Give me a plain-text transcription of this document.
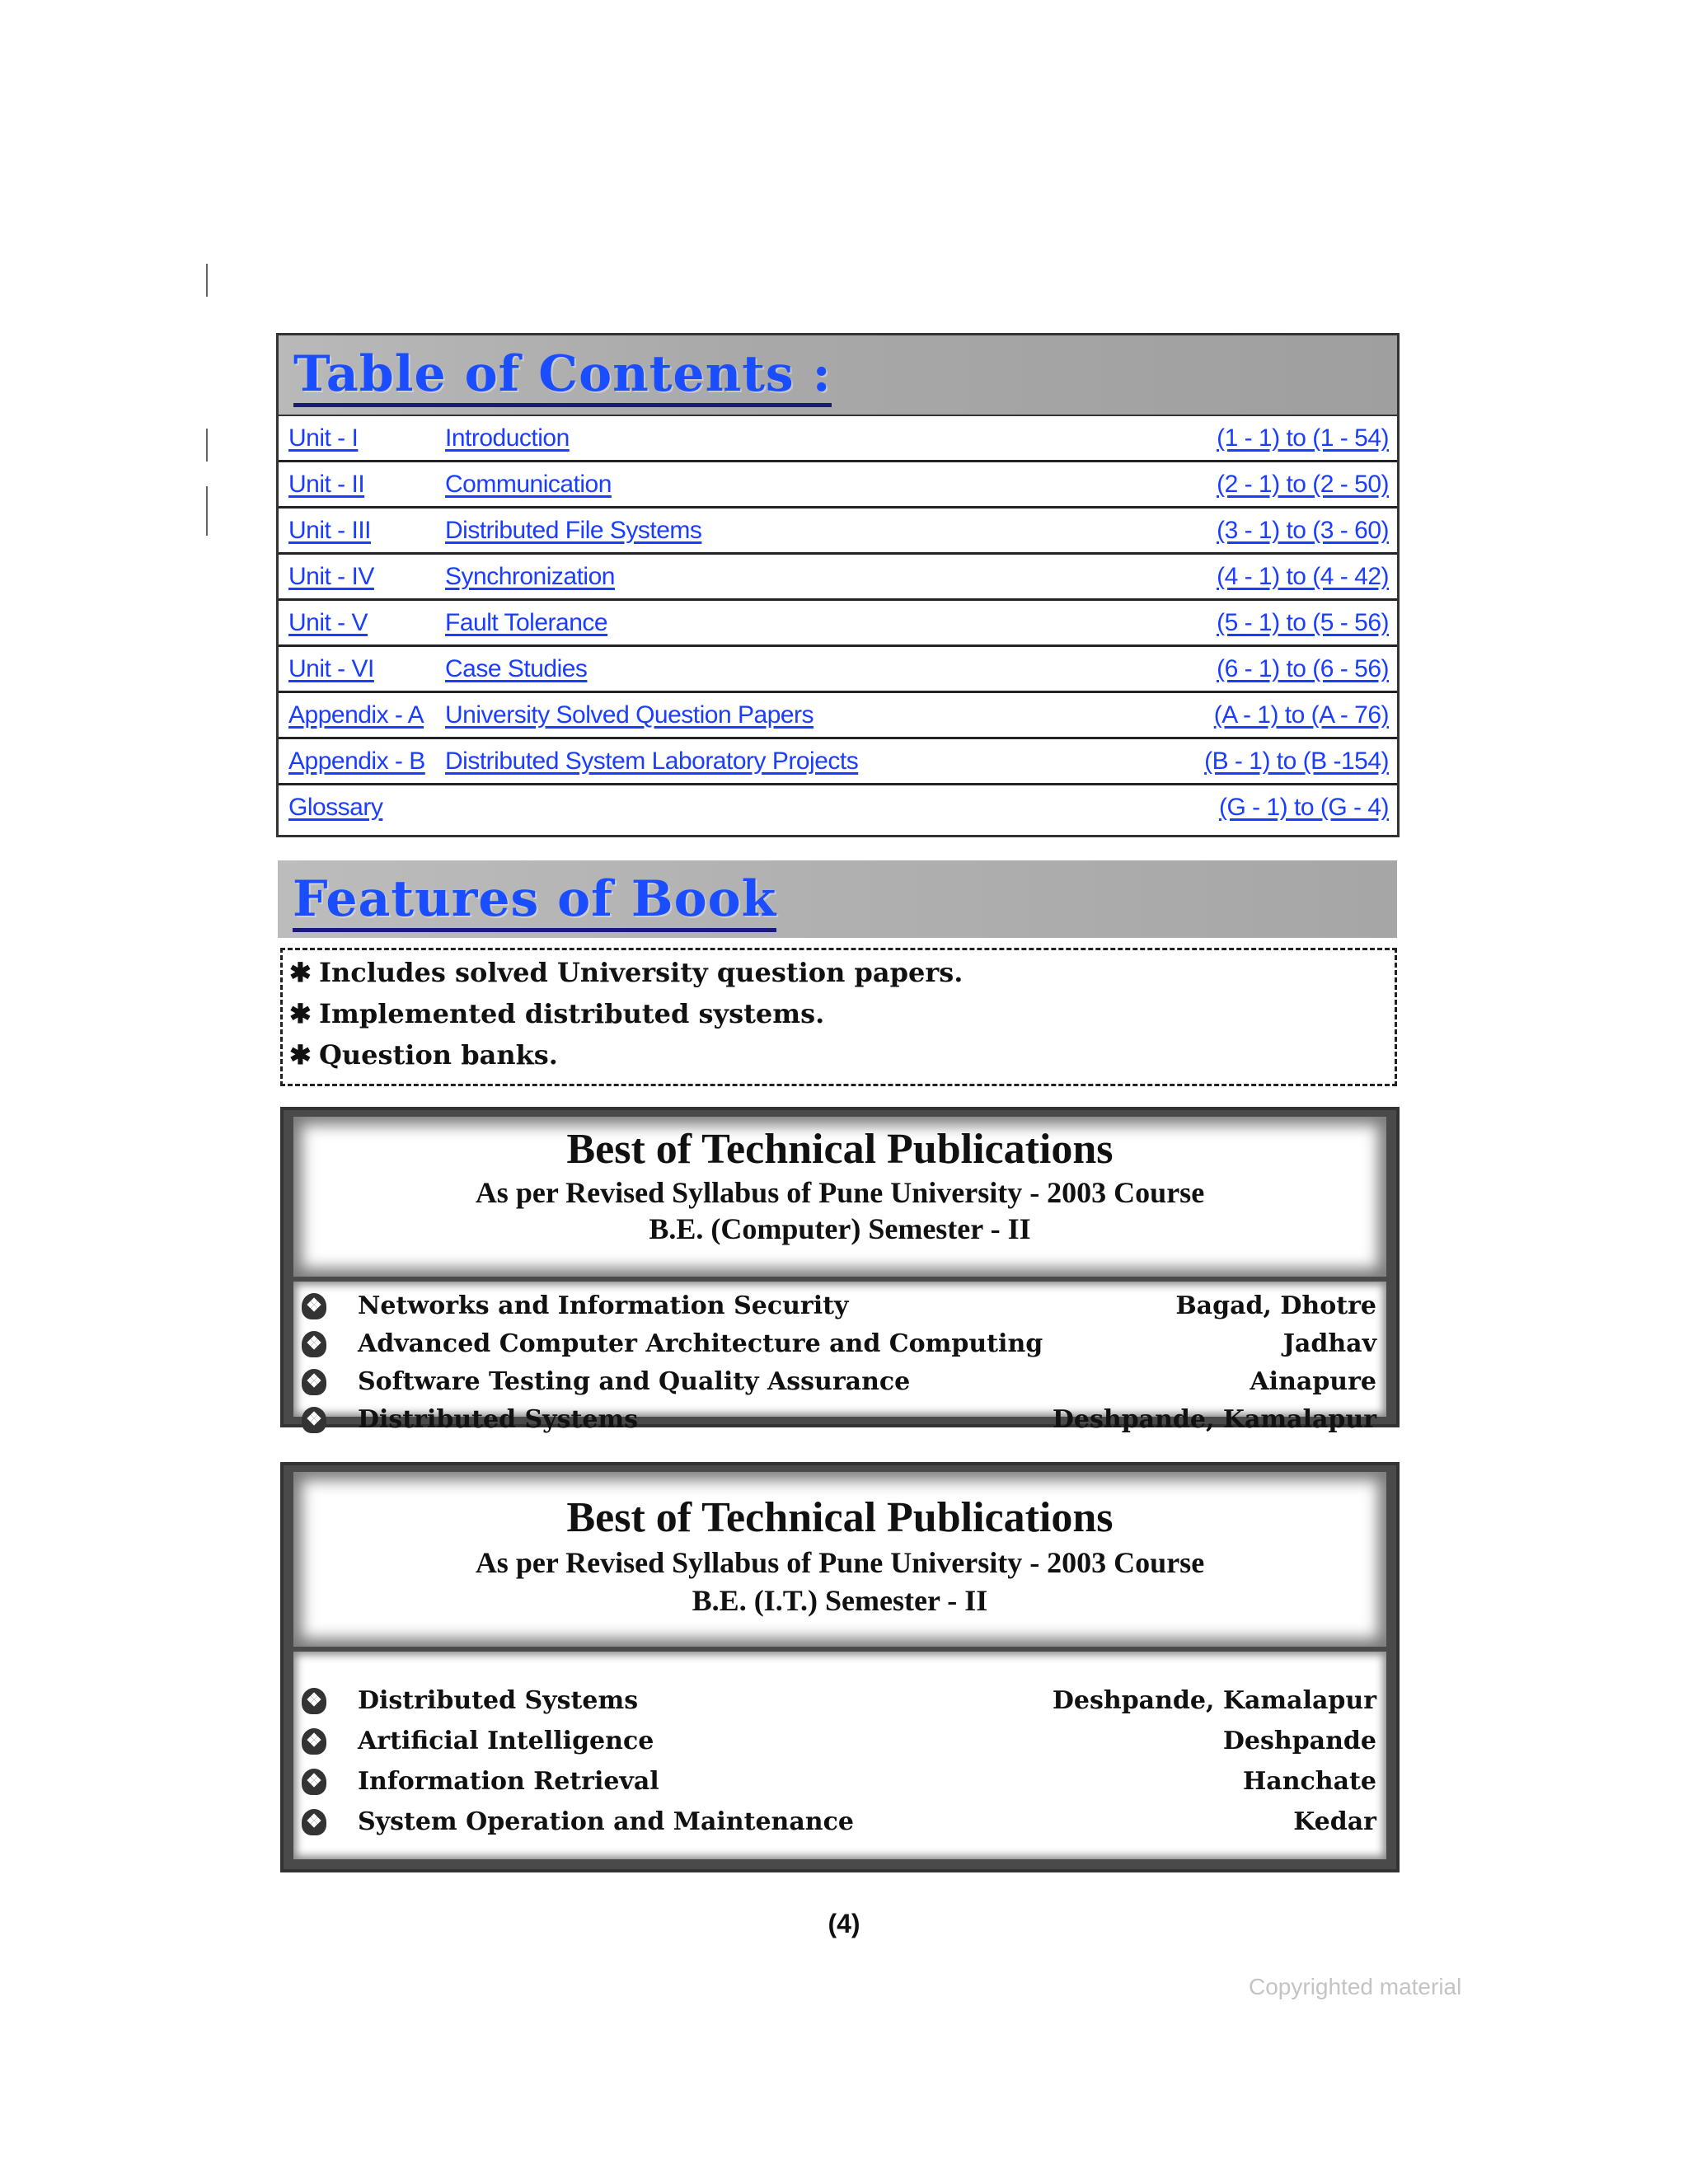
Table of Contents :
Unit - I	Introduction	(1 - 1) to (1 - 54)
Unit - II	Communication	(2 - 1) to (2 - 50)
Unit - III	Distributed File Systems	(3 - 1) to (3 - 60)
Unit - IV	Synchronization	(4 - 1) to (4 - 42)
Unit - V	Fault Tolerance	(5 - 1) to (5 - 56)
Unit - VI	Case Studies	(6 - 1) to (6 - 56)
Appendix - A University Solved Question Papers	(A - 1) to (A - 76)
Appendix - B Distributed System Laboratory Projects	(B - 1) to (B -154)
Glossary	(G - 1) to (G - 4)
Features of Book
✱ Includes solved University question papers.
✱ Implemented distributed systems.
✱ Question banks.
Best of Technical Publications
As per Revised Syllabus of Pune University - 2003 Course
B.E. (Computer) Semester - II
❖ Networks and Information Security	Bagad, Dhotre
❖ Advanced Computer Architecture and Computing	Jadhav
❖ Software Testing and Quality Assurance	Ainapure
❖ Distributed Systems	Deshpande, Kamalapur
Best of Technical Publications
As per Revised Syllabus of Pune University - 2003 Course
B.E. (I.T.) Semester - II
❖ Distributed Systems	Deshpande, Kamalapur
❖ Artificial Intelligence	Deshpande
❖ Information Retrieval	Hanchate
❖ System Operation and Maintenance	Kedar
(4)
Copyrighted material
